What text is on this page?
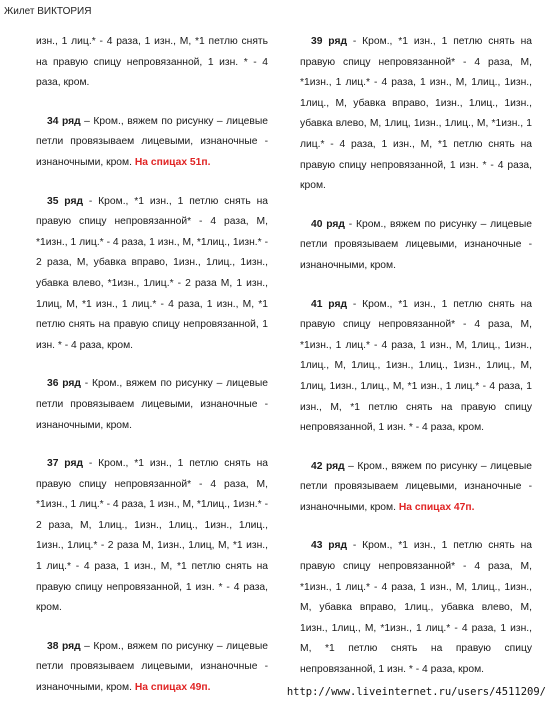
Жилет ВИКТОРИЯ

изн., 1 лиц.* - 4 раза, 1 изн., М, *1 петлю снять на правую спицу непровязанной, 1 изн. * - 4 раза, кром.

34 ряд – Кром., вяжем по рисунку – лицевые петли провязываем лицевыми, изнаночные - изнаночными, кром. На спицах 51п.

35 ряд - Кром., *1 изн., 1 петлю снять на правую спицу непровязанной* - 4 раза, М, *1изн., 1 лиц.* - 4 раза, 1 изн., М, *1лиц., 1изн.* - 2 раза, М, убавка вправо, 1изн., 1лиц., 1изн., убавка влево, *1изн., 1лиц.* - 2 раза М, 1 изн., 1лиц, М, *1 изн., 1 лиц.* - 4 раза, 1 изн., М, *1 петлю снять на правую спицу непровязанной, 1 изн. * - 4 раза, кром.

36 ряд - Кром., вяжем по рисунку – лицевые петли провязываем лицевыми, изнаночные - изнаночными, кром.

37 ряд - Кром., *1 изн., 1 петлю снять на правую спицу непровязанной* - 4 раза, М, *1изн., 1 лиц.* - 4 раза, 1 изн., М, *1лиц., 1изн.* - 2 раза, М, 1лиц., 1изн., 1лиц., 1изн., 1лиц., 1изн., 1лиц.* - 2 раза М, 1изн., 1лиц, М, *1 изн., 1 лиц.* - 4 раза, 1 изн., М, *1 петлю снять на правую спицу непровязанной, 1 изн. * - 4 раза, кром.

38 ряд – Кром., вяжем по рисунку – лицевые петли провязываем лицевыми, изнаночные - изнаночными, кром. На спицах 49п.

39 ряд - Кром., *1 изн., 1 петлю снять на правую спицу непровязанной* - 4 раза, М, *1изн., 1 лиц.* - 4 раза, 1 изн., М, 1лиц., 1изн., 1лиц., М, убавка вправо, 1изн., 1лиц., 1изн., убавка влево, М, 1лиц, 1изн., 1лиц., М, *1изн., 1 лиц.* - 4 раза, 1 изн., М, *1 петлю снять на правую спицу непровязанной, 1 изн. * - 4 раза, кром.

40 ряд - Кром., вяжем по рисунку – лицевые петли провязываем лицевыми, изнаночные - изнаночными, кром.

41 ряд - Кром., *1 изн., 1 петлю снять на правую спицу непровязанной* - 4 раза, М, *1изн., 1 лиц.* - 4 раза, 1 изн., М, 1лиц., 1изн., 1лиц., М, 1лиц., 1изн., 1лиц., 1изн., 1лиц., М, 1лиц, 1изн., 1лиц., М, *1 изн., 1 лиц.* - 4 раза, 1 изн., М, *1 петлю снять на правую спицу непровязанной, 1 изн. * - 4 раза, кром.

42 ряд – Кром., вяжем по рисунку – лицевые петли провязываем лицевыми, изнаночные - изнаночными, кром. На спицах 47п.

43 ряд - Кром., *1 изн., 1 петлю снять на правую спицу непровязанной* - 4 раза, М, *1изн., 1 лиц.* - 4 раза, 1 изн., М, 1лиц., 1изн., М, убавка вправо, 1лиц., убавка влево, М, 1изн., 1лиц., М, *1изн., 1 лиц.* - 4 раза, 1 изн., М, *1 петлю снять на правую спицу непровязанной, 1 изн. * - 4 раза, кром.

http://www.liveinternet.ru/users/4511209/
